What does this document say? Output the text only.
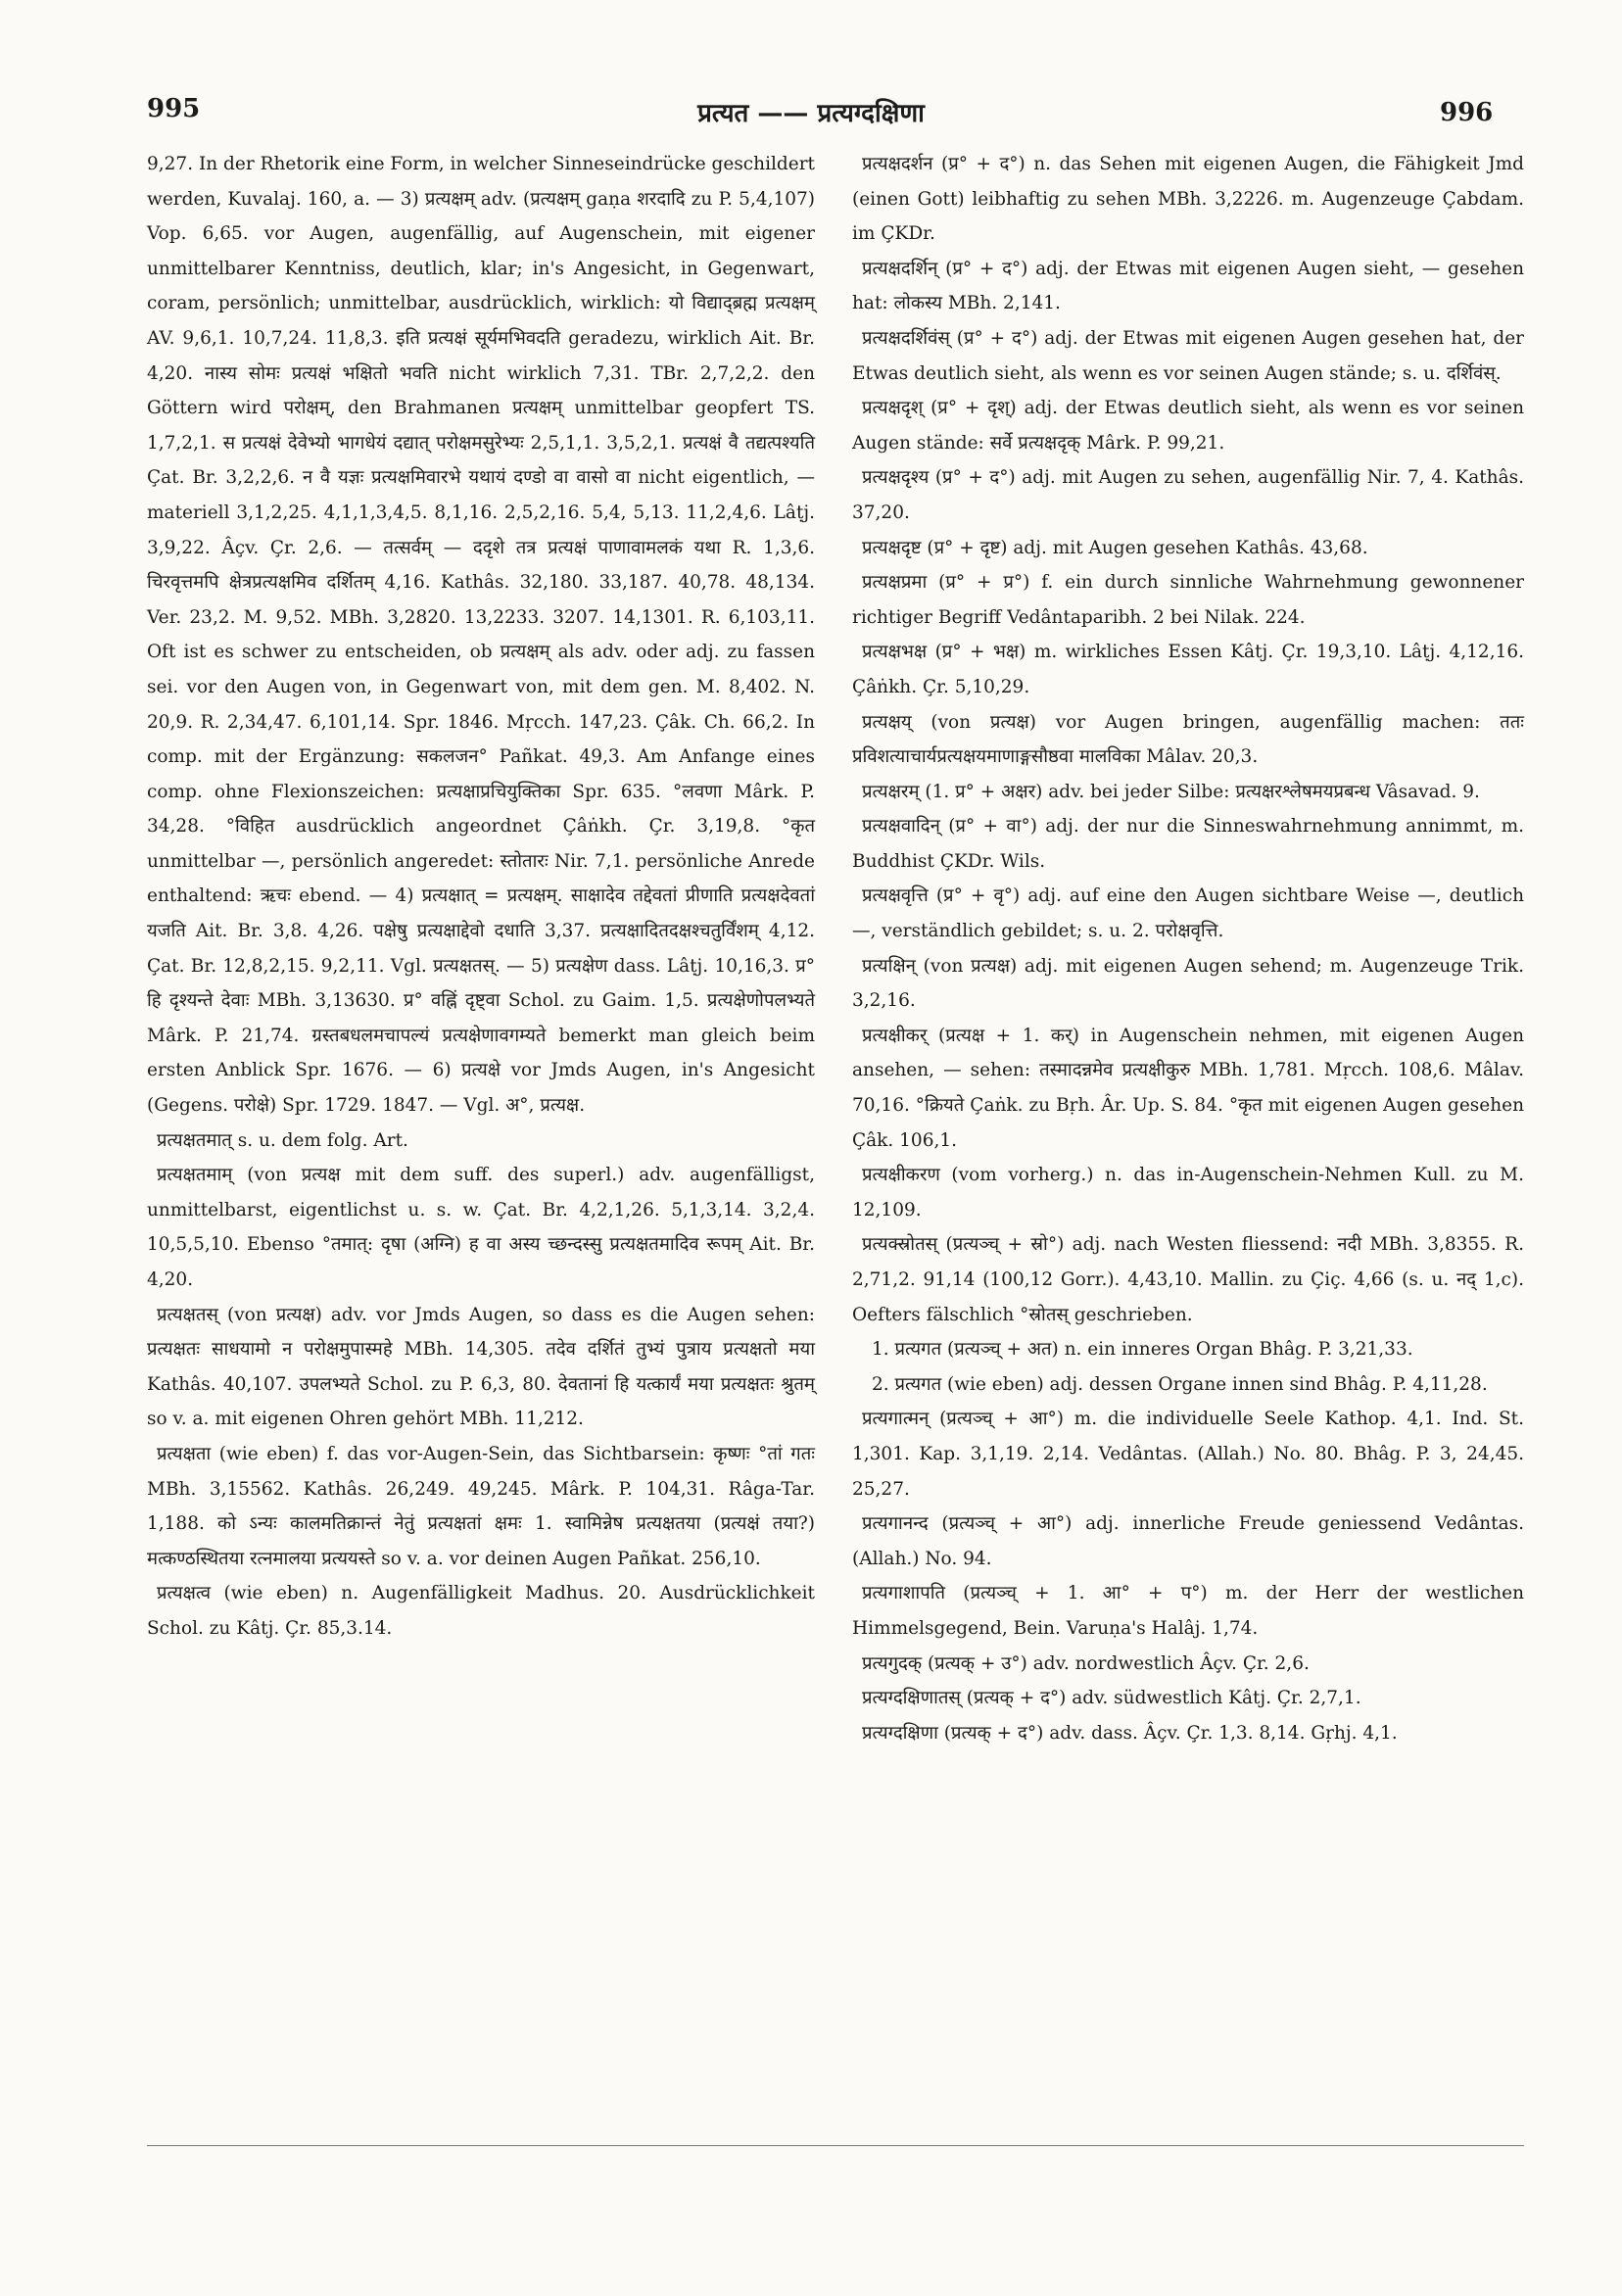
995	प्रत्यत —— प्रत्यग्दक्षिणा	996

9,27. In der Rhetorik eine Form, in welcher Sinneseindrücke geschildert werden, Kuvalaj. 160, a. — 3) प्रत्यक्षम् adv. (प्रत्यक्षम् gaṇa शरदादि zu P. 5,4,107) Vop. 6,65. vor Augen, augenfällig, auf Augenschein, mit eigener unmittelbarer Kenntniss, deutlich, klar; in's Angesicht, in Gegenwart, coram, persönlich; unmittelbar, ausdrücklich, wirklich: यो विद्याद्ब्रह्म प्रत्यक्षम् AV. 9,6,1. 10,7,24. 11,8,3. इति प्रत्यक्षं सूर्यमभिवदति geradezu, wirklich Ait. Br. 4,20. नास्य सोमः प्रत्यक्षं भक्षितो भवति nicht wirklich 7,31. TBr. 2,7,2,2. den Göttern wird परोक्षम्, den Brahmanen प्रत्यक्षम् unmittelbar geopfert TS. 1,7,2,1. स प्रत्यक्षं देवेभ्यो भागधेयं दद्यात् परोक्षमसुरेभ्यः 2,5,1,1. 3,5,2,1. प्रत्यक्षं वै तद्यत्पश्यति Çat. Br. 3,2,2,6. न वै यज्ञः प्रत्यक्षमिवारभे यथायं दण्डो वा वासो वा nicht eigentlich, — materiell 3,1,2,25. 4,1,1,3,4,5. 8,1,16. 2,5,2,16. 5,4, 5,13. 11,2,4,6. Lâṭj. 3,9,22. Âçv. Çr. 2,6. — तत्सर्वम् — ददृशे तत्र प्रत्यक्षं पाणावामलकं यथा R. 1,3,6. चिरवृत्तमपि क्षेत्रप्रत्यक्षमिव दर्शितम् 4,16. Kathâs. 32,180. 33,187. 40,78. 48,134. Ver. 23,2. M. 9,52. MBh. 3,2820. 13,2233. 3207. 14,1301. R. 6,103,11. Oft ist es schwer zu entscheiden, ob प्रत्यक्षम् als adv. oder adj. zu fassen sei. vor den Augen von, in Gegenwart von, mit dem gen. M. 8,402. N. 20,9. R. 2,34,47. 6,101,14. Spr. 1846. Mṛcch. 147,23. Çâk. Ch. 66,2. In comp. mit der Ergänzung: सकलजन° Pañkat. 49,3. Am Anfange eines comp. ohne Flexionszeichen: प्रत्यक्षाप्रचियुक्तिका Spr. 635. °लवणा Mârk. P. 34,28. °विहित ausdrücklich angeordnet Çâṅkh. Çr. 3,19,8. °कृत unmittelbar —, persönlich angeredet: स्तोतारः Nir. 7,1. persönliche Anrede enthaltend: ऋचः ebend. — 4) प्रत्यक्षात् = प्रत्यक्षम्. साक्षादेव तद्देवतां प्रीणाति प्रत्यक्षदेवतां यजति Ait. Br. 3,8. 4,26. पक्षेषु प्रत्यक्षाद्देवो दधाति 3,37. प्रत्यक्षादितदक्षश्चतुर्विंशम् 4,12. Çat. Br. 12,8,2,15. 9,2,11. Vgl. प्रत्यक्षतस्. — 5) प्रत्यक्षेण dass. Lâṭj. 10,16,3. प्र° हि दृश्यन्ते देवाः MBh. 3,13630. प्र° वह्निं दृष्ट्वा Schol. zu Gaim. 1,5. प्रत्यक्षेणोपलभ्यते Mârk. P. 21,74. ग्रस्तबधलमचापल्यं प्रत्यक्षेणावगम्यते bemerkt man gleich beim ersten Anblick Spr. 1676. — 6) प्रत्यक्षे vor Jmds Augen, in's Angesicht (Gegens. परोक्षे) Spr. 1729. 1847. — Vgl. अ°, प्रत्यक्ष.

प्रत्यक्षतमात् s. u. dem folg. Art.

प्रत्यक्षतमाम् (von प्रत्यक्ष mit dem suff. des superl.) adv. augenfälligst, unmittelbarst, eigentlichst u. s. w. Çat. Br. 4,2,1,26. 5,1,3,14. 3,2,4. 10,5,5,10. Ebenso °तमात्: दृषा (अग्नि) ह वा अस्य च्छन्दस्सु प्रत्यक्षतमादिव रूपम् Ait. Br. 4,20.

प्रत्यक्षतस् (von प्रत्यक्ष) adv. vor Jmds Augen, so dass es die Augen sehen: प्रत्यक्षतः साधयामो न परोक्षमुपास्महे MBh. 14,305. तदेव दर्शितं तुभ्यं पुत्राय प्रत्यक्षतो मया Kathâs. 40,107. उपलभ्यते Schol. zu P. 6,3, 80. देवतानां हि यत्कार्यं मया प्रत्यक्षतः श्रुतम् so v. a. mit eigenen Ohren gehört MBh. 11,212.

प्रत्यक्षता (wie eben) f. das vor-Augen-Sein, das Sichtbarsein: कृष्णः °तां गतः MBh. 3,15562. Kathâs. 26,249. 49,245. Mârk. P. 104,31. Râga-Tar. 1,188. को ऽन्यः कालमतिक्रान्तं नेतुं प्रत्यक्षतां क्षमः 1. स्वामिन्नेष प्रत्यक्षतया (प्रत्यक्षं तया?) मत्कण्ठस्थितया रत्नमालया प्रत्ययस्ते so v. a. vor deinen Augen Pañkat. 256,10.

प्रत्यक्षत्व (wie eben) n. Augenfälligkeit Madhus. 20. Ausdrücklichkeit Schol. zu Kâtj. Çr. 85,3.14.

प्रत्यक्षदर्शन (प्र° + द°) n. das Sehen mit eigenen Augen, die Fähigkeit Jmd (einen Gott) leibhaftig zu sehen MBh. 3,2226. m. Augenzeuge Çabdam. im ÇKDr.

प्रत्यक्षदर्शिन् (प्र° + द°) adj. der Etwas mit eigenen Augen sieht, — gesehen hat: लोकस्य MBh. 2,141.

प्रत्यक्षदर्शिवंस् (प्र° + द°) adj. der Etwas mit eigenen Augen gesehen hat, der Etwas deutlich sieht, als wenn es vor seinen Augen stände; s. u. दर्शिवंस्.

प्रत्यक्षदृश् (प्र° + दृश्) adj. der Etwas deutlich sieht, als wenn es vor seinen Augen stände: सर्वे प्रत्यक्षदृक् Mârk. P. 99,21.

प्रत्यक्षदृश्य (प्र° + द°) adj. mit Augen zu sehen, augenfällig Nir. 7, 4. Kathâs. 37,20.

प्रत्यक्षदृष्ट (प्र° + दृष्ट) adj. mit Augen gesehen Kathâs. 43,68.

प्रत्यक्षप्रमा (प्र° + प्र°) f. ein durch sinnliche Wahrnehmung gewonnener richtiger Begriff Vedântaparibh. 2 bei Nilak. 224.

प्रत्यक्षभक्ष (प्र° + भक्ष) m. wirkliches Essen Kâtj. Çr. 19,3,10. Lâṭj. 4,12,16. Çâṅkh. Çr. 5,10,29.

प्रत्यक्षय् (von प्रत्यक्ष) vor Augen bringen, augenfällig machen: ततः प्रविशत्याचार्यप्रत्यक्षयमाणाङ्गसौष्ठवा मालविका Mâlav. 20,3.

प्रत्यक्षरम् (1. प्र° + अक्षर) adv. bei jeder Silbe: प्रत्यक्षरश्लेषमयप्रबन्ध Vâsavad. 9.

प्रत्यक्षवादिन् (प्र° + वा°) adj. der nur die Sinneswahrnehmung annimmt, m. Buddhist ÇKDr. Wils.

प्रत्यक्षवृत्ति (प्र° + वृ°) adj. auf eine den Augen sichtbare Weise —, deutlich —, verständlich gebildet; s. u. 2. परोक्षवृत्ति.

प्रत्यक्षिन् (von प्रत्यक्ष) adj. mit eigenen Augen sehend; m. Augenzeuge Trik. 3,2,16.

प्रत्यक्षीकर् (प्रत्यक्ष + 1. कर्) in Augenschein nehmen, mit eigenen Augen ansehen, — sehen: तस्मादन्नमेव प्रत्यक्षीकुरु MBh. 1,781. Mṛcch. 108,6. Mâlav. 70,16. °क्रियते Çaṅk. zu Bṛh. Âr. Up. S. 84. °कृत mit eigenen Augen gesehen Çâk. 106,1.

प्रत्यक्षीकरण (vom vorherg.) n. das in-Augenschein-Nehmen Kull. zu M. 12,109.

प्रत्यक्स्रोतस् (प्रत्यञ्च् + स्रो°) adj. nach Westen fliessend: नदी MBh. 3,8355. R. 2,71,2. 91,14 (100,12 Gorr.). 4,43,10. Mallin. zu Çiç. 4,66 (s. u. नद् 1,c). Oefters fälschlich °स्रोतस् geschrieben.

1. प्रत्यगत (प्रत्यञ्च् + अत) n. ein inneres Organ Bhâg. P. 3,21,33.

2. प्रत्यगत (wie eben) adj. dessen Organe innen sind Bhâg. P. 4,11,28.

प्रत्यगात्मन् (प्रत्यञ्च् + आ°) m. die individuelle Seele Kathop. 4,1. Ind. St. 1,301. Kap. 3,1,19. 2,14. Vedântas. (Allah.) No. 80. Bhâg. P. 3, 24,45. 25,27.

प्रत्यगानन्द (प्रत्यञ्च् + आ°) adj. innerliche Freude geniessend Vedântas. (Allah.) No. 94.

प्रत्यगाशापति (प्रत्यञ्च् + 1. आ° + प°) m. der Herr der westlichen Himmelsgegend, Bein. Varuṇa's Halâj. 1,74.

प्रत्यगुदक् (प्रत्यक् + उ°) adv. nordwestlich Âçv. Çr. 2,6.

प्रत्यग्दक्षिणातस् (प्रत्यक् + द°) adv. südwestlich Kâtj. Çr. 2,7,1.

प्रत्यग्दक्षिणा (प्रत्यक् + द°) adv. dass. Âçv. Çr. 1,3. 8,14. Gṛhj. 4,1.
